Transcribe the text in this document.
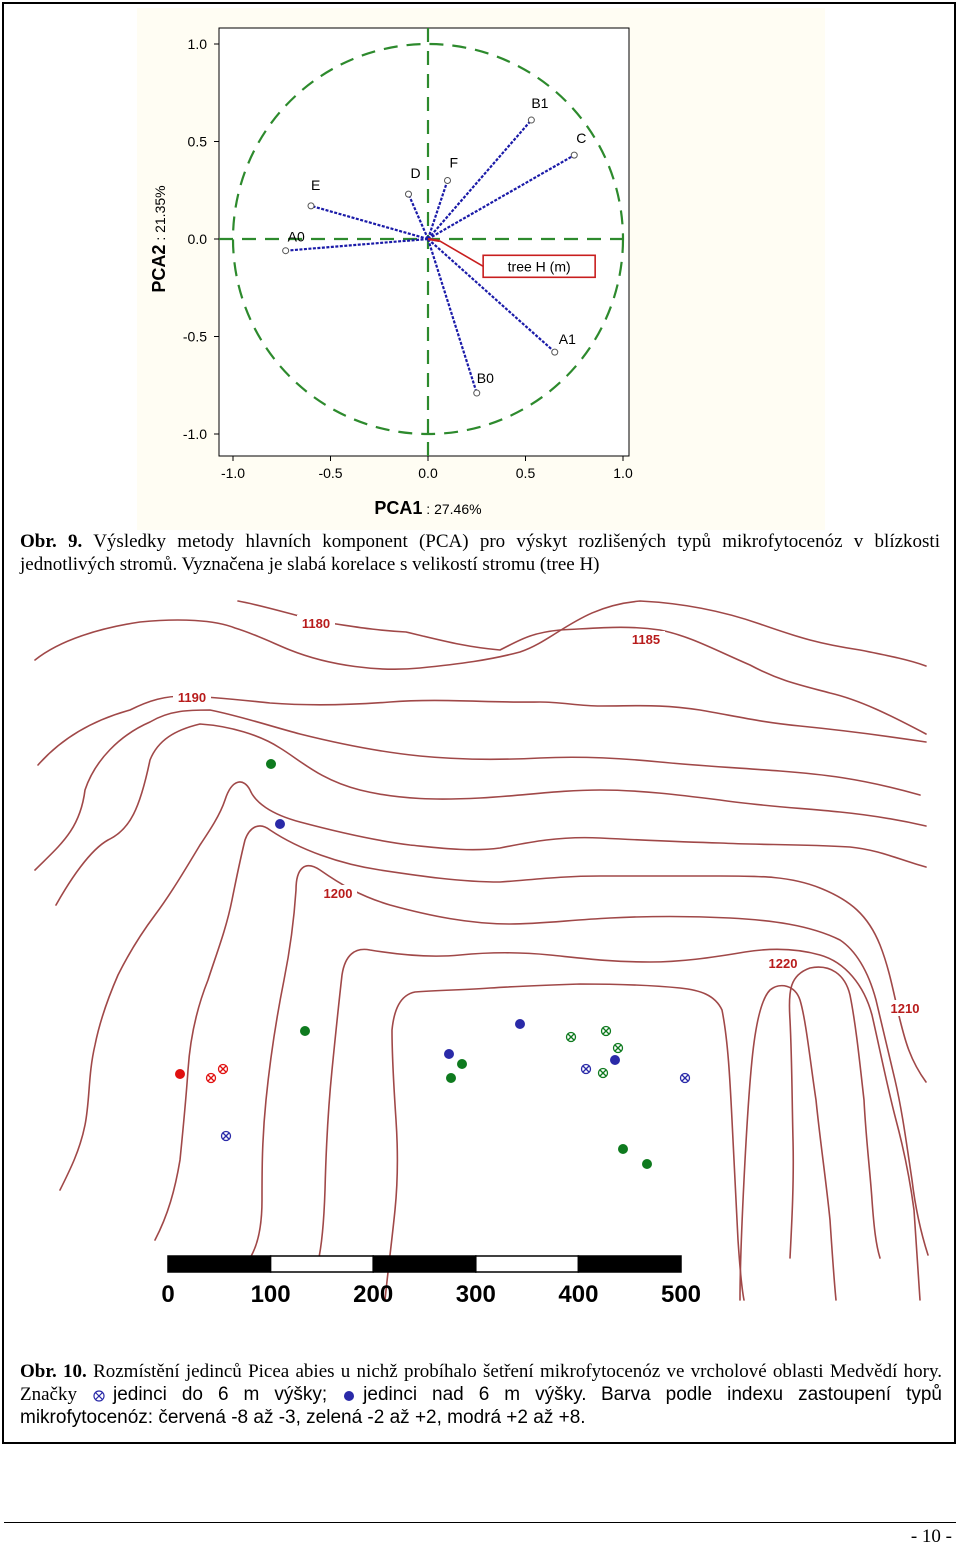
-1.0	-0.5	0.0	0.5	1.0
1.0
0.5
0.0
-0.5
-1.0
PCA1 : 27.46%
PCA2 : 21.35%	A0
E
D
F
B1
C
A1
B0
tree H (m)
Obr. 9. Výsledky metody hlavních komponent (PCA) pro výskyt rozlišených typů mikrofytocenóz v blízkosti jednotlivých stromů. Vyznačena je slabá korelace s velikostí stromu (tree H)
1180
1185
1190
1200
1220
1210
0	100	200	300	400	500
Obr. 10. Rozmístění jedinců Picea abies u nichž probíhalo šetření mikrofytocenóz ve vrcholové oblasti Medvědí hory. Značky jedinci do 6 m výšky; jedinci nad 6 m výšky. Barva podle indexu zastoupení typů mikrofytocenóz: červená -8 až -3, zelená -2 až +2, modrá +2 až +8.
- 10 -
